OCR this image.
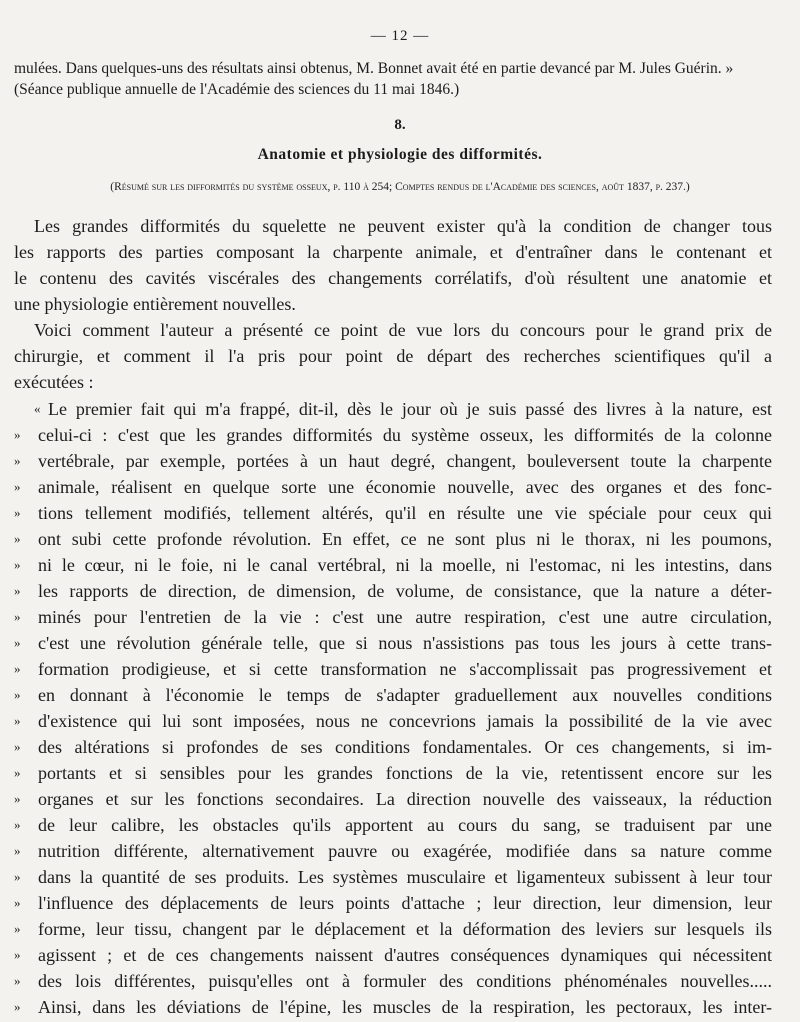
— 12 —
mulées. Dans quelques-uns des résultats ainsi obtenus, M. Bonnet avait été en partie devancé par M. Jules Guérin. »
(Séance publique annuelle de l'Académie des sciences du 11 mai 1846.)
8.
Anatomie et physiologie des difformités.
(Résumé sur les difformités du système osseux, p. 110 à 254; Comptes rendus de l'Académie des sciences, août 1837, p. 237.)
Les grandes difformités du squelette ne peuvent exister qu'à la condition de changer tous
les rapports des parties composant la charpente animale, et d'entraîner dans le contenant et
le contenu des cavités viscérales des changements corrélatifs, d'où résultent une anatomie et
une physiologie entièrement nouvelles.
Voici comment l'auteur a présenté ce point de vue lors du concours pour le grand prix de
chirurgie, et comment il l'a pris pour point de départ des recherches scientifiques qu'il a
exécutées :
« Le premier fait qui m'a frappé, dit-il, dès le jour où je suis passé des livres à la nature, est
» celui-ci : c'est que les grandes difformités du système osseux, les difformités de la colonne
» vertébrale, par exemple, portées à un haut degré, changent, bouleversent toute la charpente
» animale, réalisent en quelque sorte une économie nouvelle, avec des organes et des fonc-
» tions tellement modifiés, tellement altérés, qu'il en résulte une vie spéciale pour ceux qui
» ont subi cette profonde révolution. En effet, ce ne sont plus ni le thorax, ni les poumons,
» ni le cœur, ni le foie, ni le canal vertébral, ni la moelle, ni l'estomac, ni les intestins, dans
» les rapports de direction, de dimension, de volume, de consistance, que la nature a déter-
» minés pour l'entretien de la vie : c'est une autre respiration, c'est une autre circulation,
» c'est une révolution générale telle, que si nous n'assistions pas tous les jours à cette trans-
» formation prodigieuse, et si cette transformation ne s'accomplissait pas progressivement et
» en donnant à l'économie le temps de s'adapter graduellement aux nouvelles conditions
» d'existence qui lui sont imposées, nous ne concevrions jamais la possibilité de la vie avec
» des altérations si profondes de ses conditions fondamentales. Or ces changements, si im-
» portants et si sensibles pour les grandes fonctions de la vie, retentissent encore sur les
» organes et sur les fonctions secondaires. La direction nouvelle des vaisseaux, la réduction
» de leur calibre, les obstacles qu'ils apportent au cours du sang, se traduisent par une
» nutrition différente, alternativement pauvre ou exagérée, modifiée dans sa nature comme
» dans la quantité de ses produits. Les systèmes musculaire et ligamenteux subissent à leur tour
» l'influence des déplacements de leurs points d'attache ; leur direction, leur dimension, leur
» forme, leur tissu, changent par le déplacement et la déformation des leviers sur lesquels ils
» agissent ; et de ces changements naissent d'autres conséquences dynamiques qui nécessitent
» des lois différentes, puisqu'elles ont à formuler des conditions phénoménales nouvelles.....
» Ainsi, dans les déviations de l'épine, les muscles de la respiration, les pectoraux, les inter-
